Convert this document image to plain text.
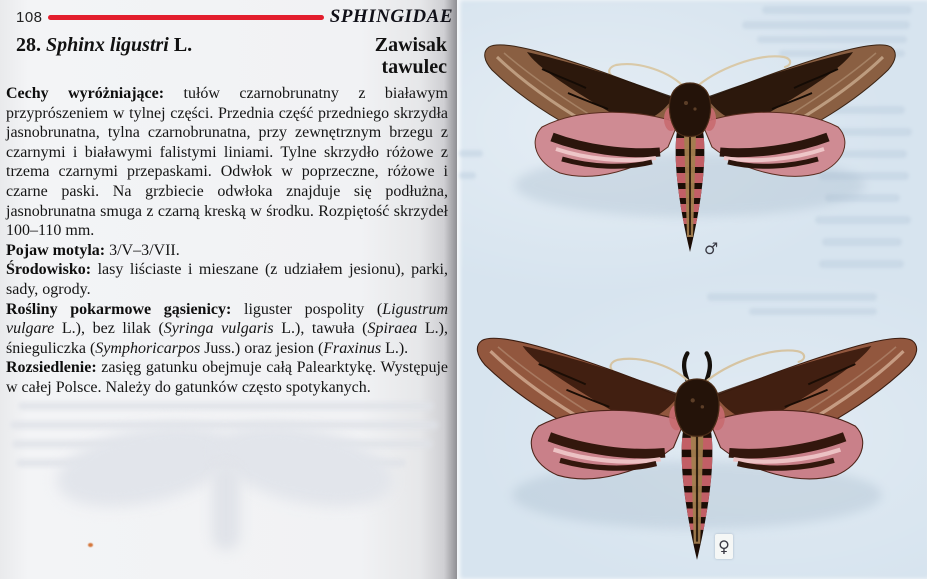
108	SPHINGIDAE
28. Sphinx ligustri L.	Zawisak
tawulec

Cechy wyróżniające: tułów czarnobrunatny z białawym przyprószeniem w tylnej części. Przednia część przedniego skrzydła jasnobrunatna, tylna czarnobrunatna, przy zewnętrznym brzegu z czarnymi i białawymi falistymi liniami. Tylne skrzydło różowe z trzema czarnymi przepaskami. Odwłok w poprzeczne, różowe i czarne paski. Na grzbiecie odwłoka znajduje się podłużna, jasnobrunatna smuga z czarną kreską w środku. Rozpiętość skrzydeł 100–110 mm.

Pojaw motyla: 3/V–3/VII.

Środowisko: lasy liściaste i mieszane (z udziałem jesionu), parki, sady, ogrody.

Rośliny pokarmowe gąsienicy: liguster pospolity (Ligustrum vulgare L.), bez lilak (Syringa vulgaris L.), tawuła (Spiraea L.), śnieguliczka (Symphoricarpos Juss.) oraz jesion (Fraxinus L.).

Rozsiedlenie: zasięg gatunku obejmuje całą Palearktykę. Występuje w całej Polsce. Należy do gatunków często spotykanych.

♂
♀
